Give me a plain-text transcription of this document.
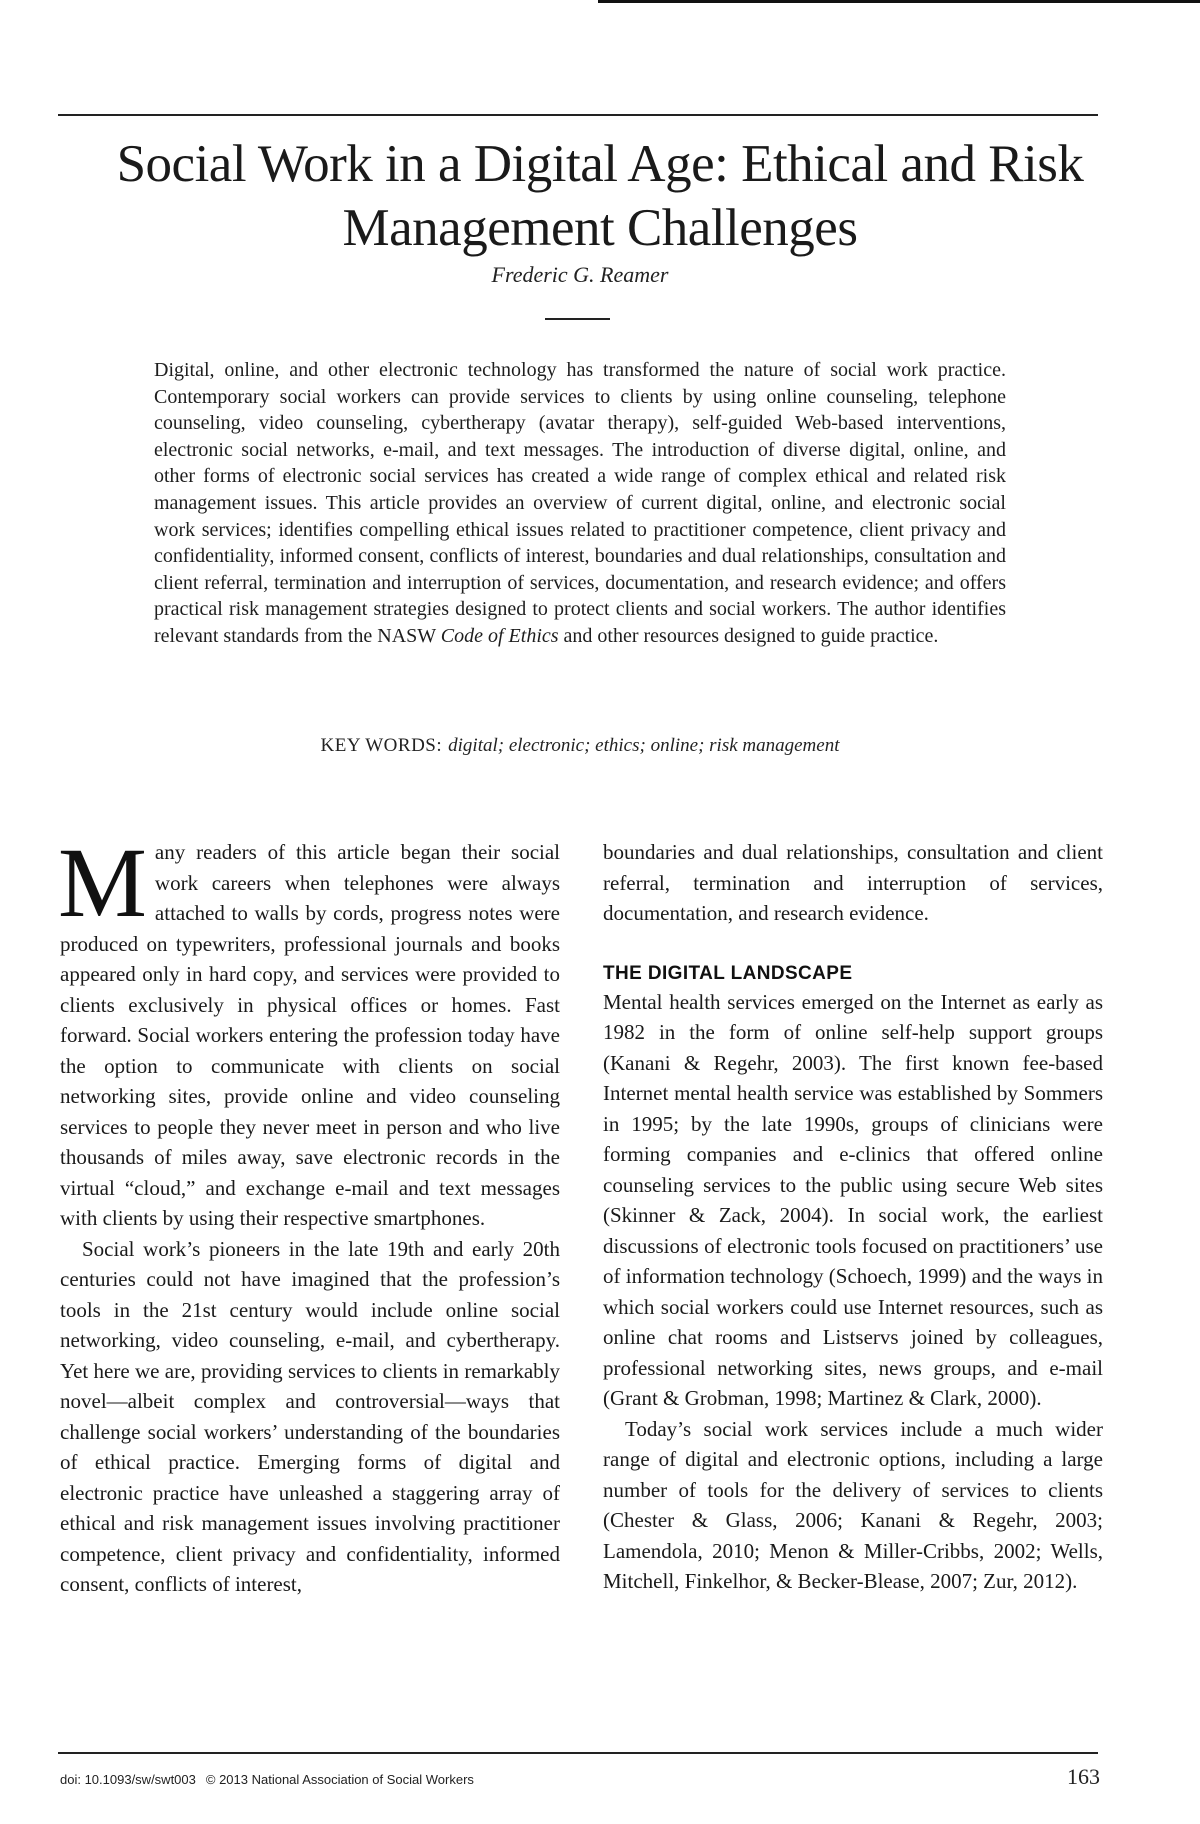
Social Work in a Digital Age: Ethical and Risk Management Challenges
Frederic G. Reamer

Digital, online, and other electronic technology has transformed the nature of social work practice. Contemporary social workers can provide services to clients by using online counseling, telephone counseling, video counseling, cybertherapy (avatar therapy), self-guided Web-based interventions, electronic social networks, e-mail, and text messages. The introduction of diverse digital, online, and other forms of electronic social services has created a wide range of complex ethical and related risk management issues. This article provides an overview of current digital, online, and electronic social work services; identifies compelling ethical issues related to practitioner competence, client privacy and confidentiality, informed consent, conflicts of interest, boundaries and dual relationships, consultation and client referral, termination and interruption of services, documentation, and research evidence; and offers practical risk management strategies designed to protect clients and social workers. The author identifies relevant standards from the NASW Code of Ethics and other resources designed to guide practice.

KEY WORDS: digital; electronic; ethics; online; risk management

Many readers of this article began their social work careers when telephones were always attached to walls by cords, progress notes were produced on typewriters, professional journals and books appeared only in hard copy, and services were provided to clients exclusively in physical offices or homes. Fast forward. Social workers entering the profession today have the option to communicate with clients on social networking sites, provide online and video counseling services to people they never meet in person and who live thousands of miles away, save electronic records in the virtual “cloud,” and exchange e-mail and text messages with clients by using their respective smartphones.

Social work’s pioneers in the late 19th and early 20th centuries could not have imagined that the profession’s tools in the 21st century would include online social networking, video counseling, e-mail, and cybertherapy. Yet here we are, providing services to clients in remarkably novel—albeit complex and controversial—ways that challenge social workers’ understanding of the boundaries of ethical practice. Emerging forms of digital and electronic practice have unleashed a staggering array of ethical and risk management issues involving practitioner competence, client privacy and confidentiality, informed consent, conflicts of interest,

boundaries and dual relationships, consultation and client referral, termination and interruption of services, documentation, and research evidence.

THE DIGITAL LANDSCAPE

Mental health services emerged on the Internet as early as 1982 in the form of online self-help support groups (Kanani & Regehr, 2003). The first known fee-based Internet mental health service was established by Sommers in 1995; by the late 1990s, groups of clinicians were forming companies and e-clinics that offered online counseling services to the public using secure Web sites (Skinner & Zack, 2004). In social work, the earliest discussions of electronic tools focused on practitioners’ use of information technology (Schoech, 1999) and the ways in which social workers could use Internet resources, such as online chat rooms and Listservs joined by colleagues, professional networking sites, news groups, and e-mail (Grant & Grobman, 1998; Martinez & Clark, 2000).

Today’s social work services include a much wider range of digital and electronic options, including a large number of tools for the delivery of services to clients (Chester & Glass, 2006; Kanani & Regehr, 2003; Lamendola, 2010; Menon & Miller-Cribbs, 2002; Wells, Mitchell, Finkelhor, & Becker-Blease, 2007; Zur, 2012).

doi: 10.1093/sw/swt003 © 2013 National Association of Social Workers	163
